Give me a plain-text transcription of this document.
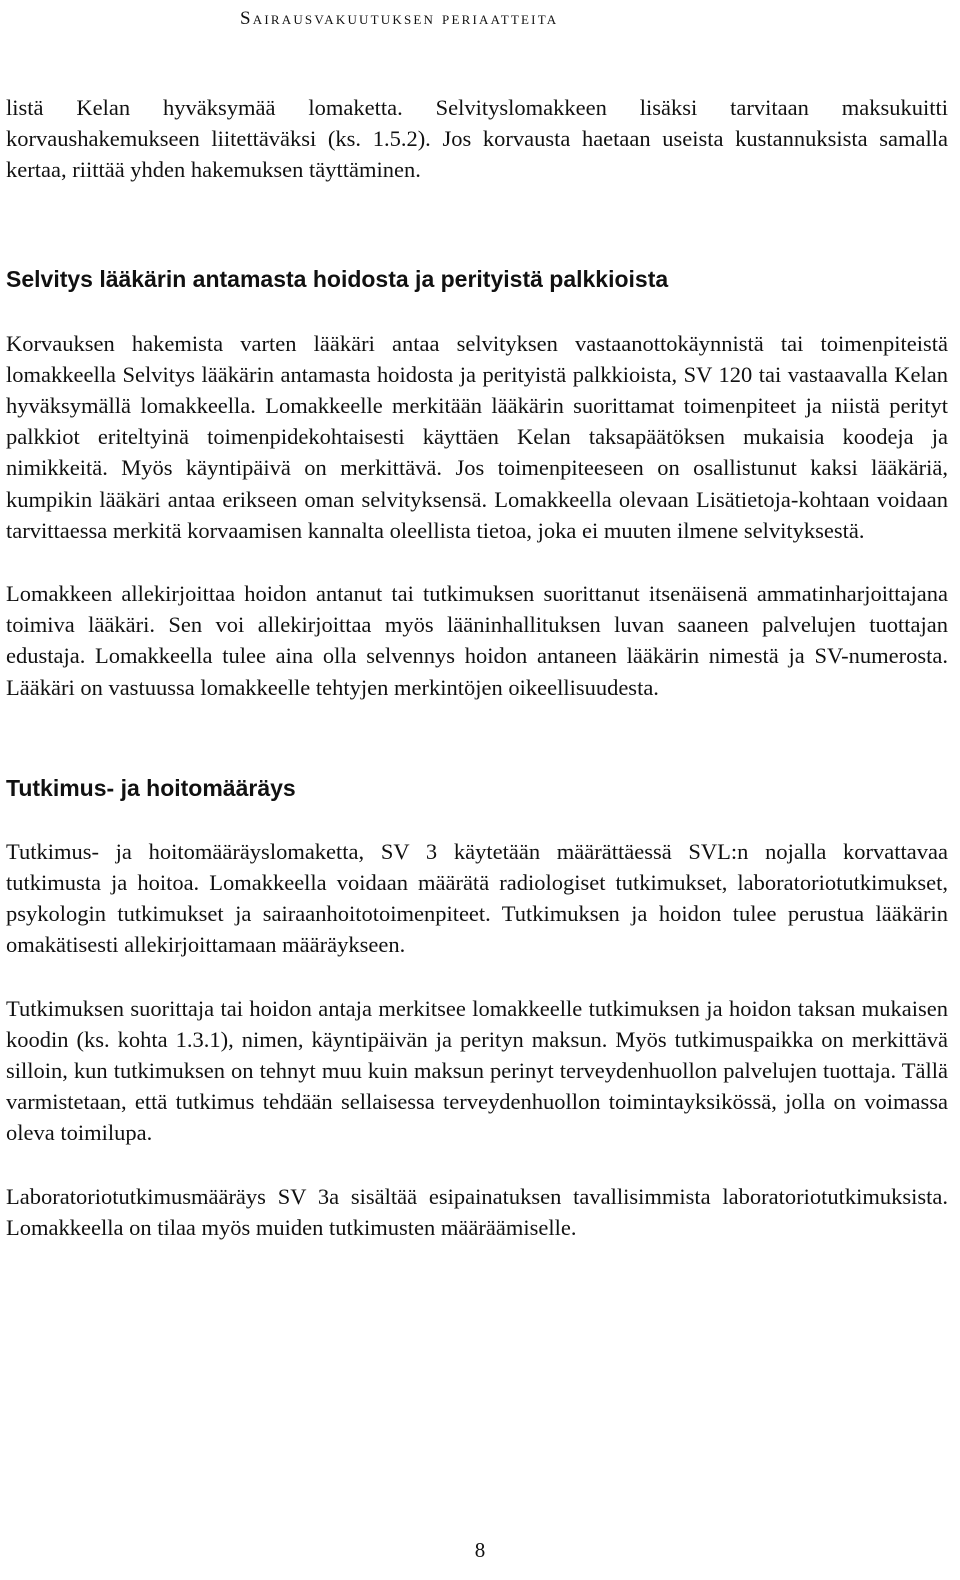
Sairausvakuutuksen periaatteita

listä Kelan hyväksymää lomaketta. Selvityslomakkeen lisäksi tarvitaan maksukuitti korvaushakemukseen liitettäväksi (ks. 1.5.2). Jos korvausta haetaan useista kustannuksista samalla kertaa, riittää yhden hakemuksen täyttäminen.

Selvitys lääkärin antamasta hoidosta ja perityistä palkkioista

Korvauksen hakemista varten lääkäri antaa selvityksen vastaanottokäynnistä tai toimenpiteistä lomakkeella Selvitys lääkärin antamasta hoidosta ja perityistä palkkioista, SV 120 tai vastaavalla Kelan hyväksymällä lomakkeella. Lomakkeelle merkitään lääkärin suorittamat toimenpiteet ja niistä perityt palkkiot eriteltyinä toimenpidekohtaisesti käyttäen Kelan taksapäätöksen mukaisia koodeja ja nimikkeitä. Myös käyntipäivä on merkittävä. Jos toimenpiteeseen on osallistunut kaksi lääkäriä, kumpikin lääkäri antaa erikseen oman selvityksensä. Lomakkeella olevaan Lisätietoja-kohtaan voidaan tarvittaessa merkitä korvaamisen kannalta oleellista tietoa, joka ei muuten ilmene selvityksestä.

Lomakkeen allekirjoittaa hoidon antanut tai tutkimuksen suorittanut itsenäisenä ammatinharjoittajana toimiva lääkäri. Sen voi allekirjoittaa myös lääninhallituksen luvan saaneen palvelujen tuottajan edustaja. Lomakkeella tulee aina olla selvennys hoidon antaneen lääkärin nimestä ja SV-numerosta. Lääkäri on vastuussa lomakkeelle tehtyjen merkintöjen oikeellisuudesta.

Tutkimus- ja hoitomääräys

Tutkimus- ja hoitomääräyslomaketta, SV 3 käytetään määrättäessä SVL:n nojalla korvattavaa tutkimusta ja hoitoa. Lomakkeella voidaan määrätä radiologiset tutkimukset, laboratoriotutkimukset, psykologin tutkimukset ja sairaanhoitotoimenpiteet. Tutkimuksen ja hoidon tulee perustua lääkärin omakätisesti allekirjoittamaan määräykseen.

Tutkimuksen suorittaja tai hoidon antaja merkitsee lomakkeelle tutkimuksen ja hoidon taksan mukaisen koodin (ks. kohta 1.3.1), nimen, käyntipäivän ja perityn maksun. Myös tutkimuspaikka on merkittävä silloin, kun tutkimuksen on tehnyt muu kuin maksun perinyt terveydenhuollon palvelujen tuottaja. Tällä varmistetaan, että tutkimus tehdään sellaisessa terveydenhuollon toimintayksikössä, jolla on voimassa oleva toimilupa.

Laboratoriotutkimusmääräys SV 3a sisältää esipainatuksen tavallisimmista laboratoriotutkimuksista. Lomakkeella on tilaa myös muiden tutkimusten määräämiselle.

8
